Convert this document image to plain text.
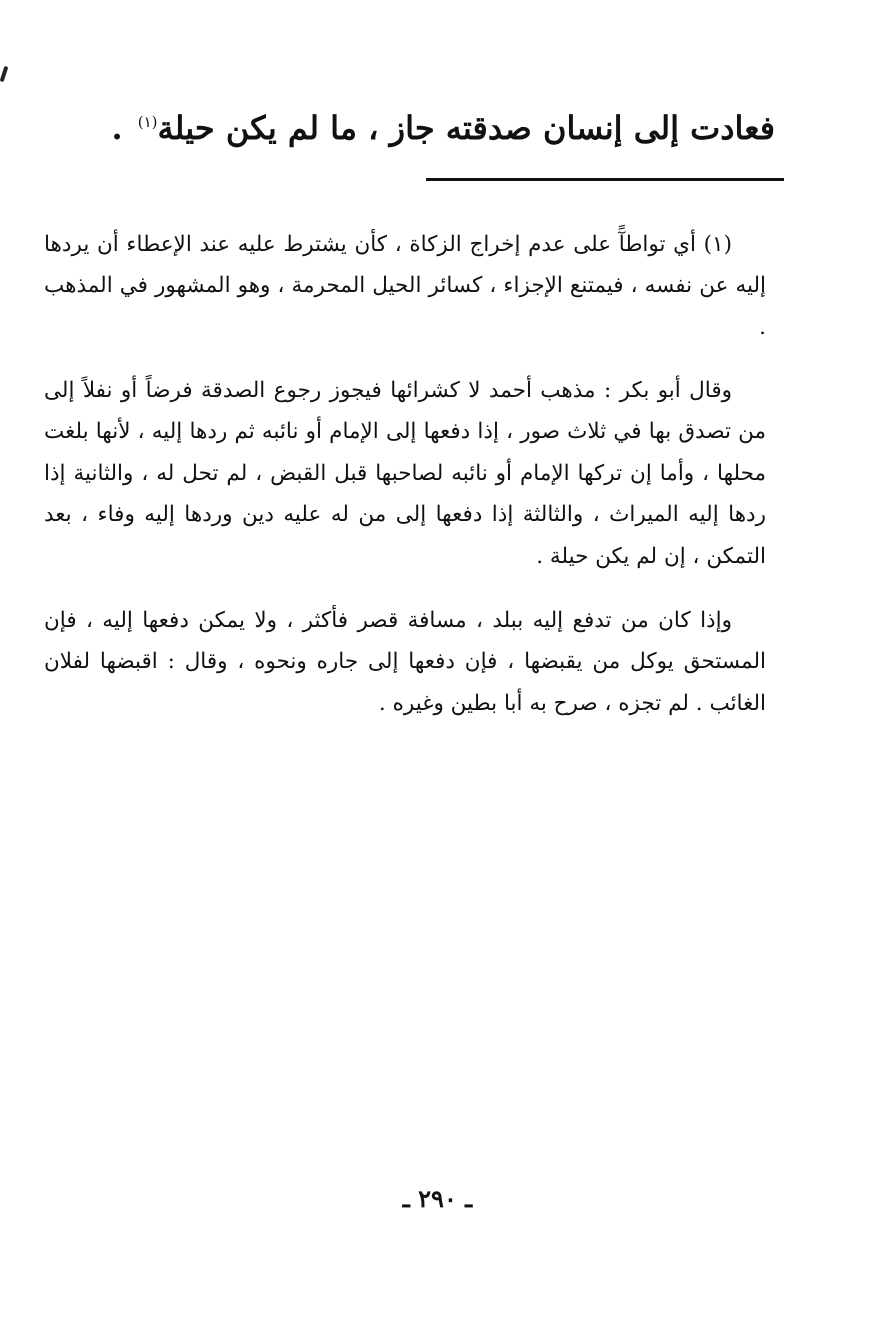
فعادت إلى إنسان صدقته جاز ، ما لم يكن حيلة$^{(١)}$ .

(١) أي تواطآً على عدم إخراج الزكاة ، كأن يشترط عليه عند الإعطاء أن يردها إليه عن نفسه ، فيمتنع الإجزاء ، كسائر الحيل المحرمة ، وهو المشهور في المذهب .

وقال أبو بكر : مذهب أحمد لا كشرائها فيجوز رجوع الصدقة فرضاً أو نفلاً إلى من تصدق بها في ثلاث صور ، إذا دفعها إلى الإمام أو نائبه ثم ردها إليه ، لأنها بلغت محلها ، وأما إن تركها الإمام أو نائبه لصاحبها قبل القبض ، لم تحل له ، والثانية إذا ردها إليه الميراث ، والثالثة إذا دفعها إلى من له عليه دين وردها إليه وفاء ، بعد التمكن ، إن لم يكن حيلة .

وإذا كان من تدفع إليه ببلد ، مسافة قصر فأكثر ، ولا يمكن دفعها إليه ، فإن المستحق يوكل من يقبضها ، فإن دفعها إلى جاره ونحوه ، وقال : اقبضها لفلان الغائب . لم تجزه ، صرح به أبا بطين وغيره .

ـ ٢٩٠ ـ
